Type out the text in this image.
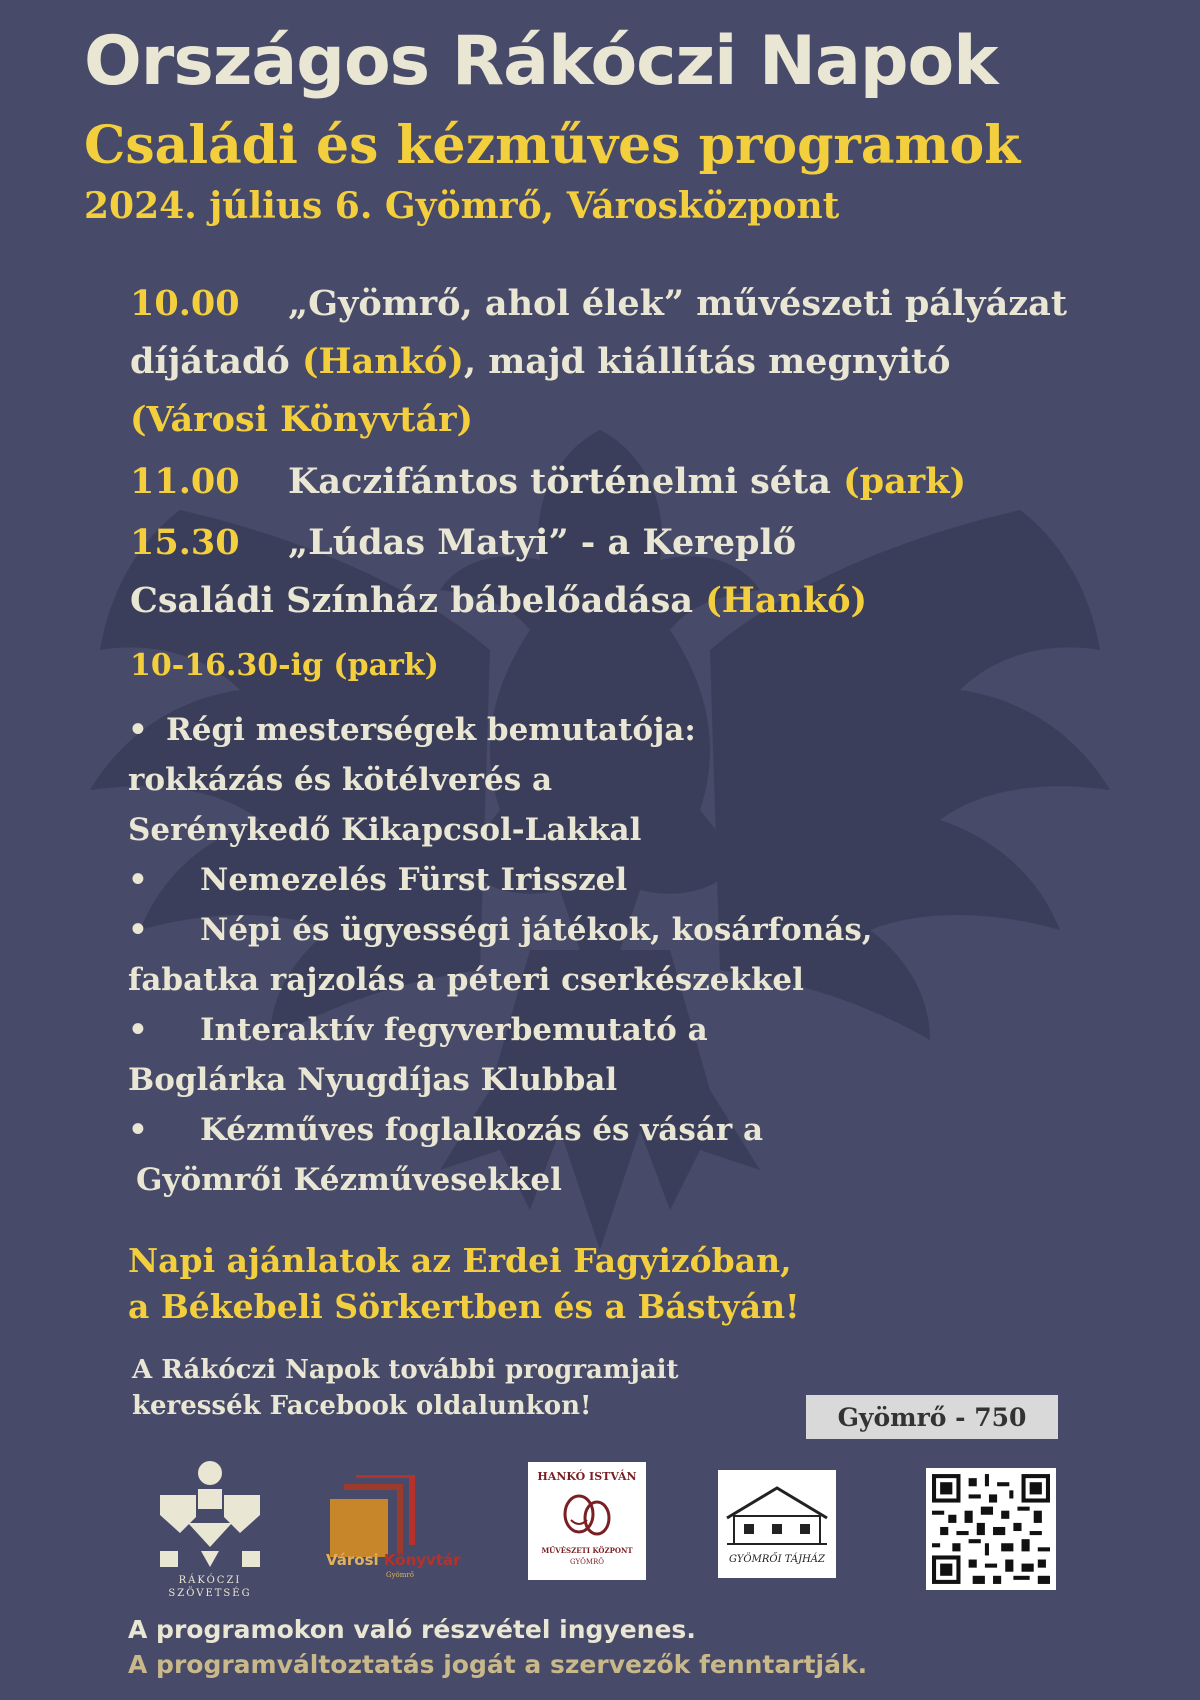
Országos Rákóczi Napok
Családi és kézműves programok
2024. július 6. Gyömrő, Városközpont
10.00 „Gyömrő, ahol élek” művészeti pályázat
díjátadó (Hankó), majd kiállítás megnyitó
(Városi Könyvtár)
11.00 Kaczifántos történelmi séta (park)
15.30 „Lúdas Matyi” - a Kereplő
Családi Színház bábelőadása (Hankó)
10-16.30-ig (park)
• Régi mesterségek bemutatója:
rokkázás és kötélverés a
Serénykedő Kikapcsol-Lakkal
• Nemezelés Fürst Irisszel
• Népi és ügyességi játékok, kosárfonás,
fabatka rajzolás a péteri cserkészekkel
• Interaktív fegyverbemutató a
Boglárka Nyugdíjas Klubbal
• Kézműves foglalkozás és vásár a
Gyömrői Kézművesekkel
Napi ajánlatok az Erdei Fagyizóban,
a Békebeli Sörkertben és a Bástyán!
A Rákóczi Napok további programjait
keressék Facebook oldalunkon!	Gyömrő - 750
RÁKÓCZI
SZÖVETSÉG
Városi Könyvtár
Gyömrő
HANKÓ ISTVÁN
MŰVÉSZETI KÖZPONT
GYÖMRŐ	GYÖMRŐI TÁJHÁZ
A programokon való részvétel ingyenes.
A programváltoztatás jogát a szervezők fenntartják.
